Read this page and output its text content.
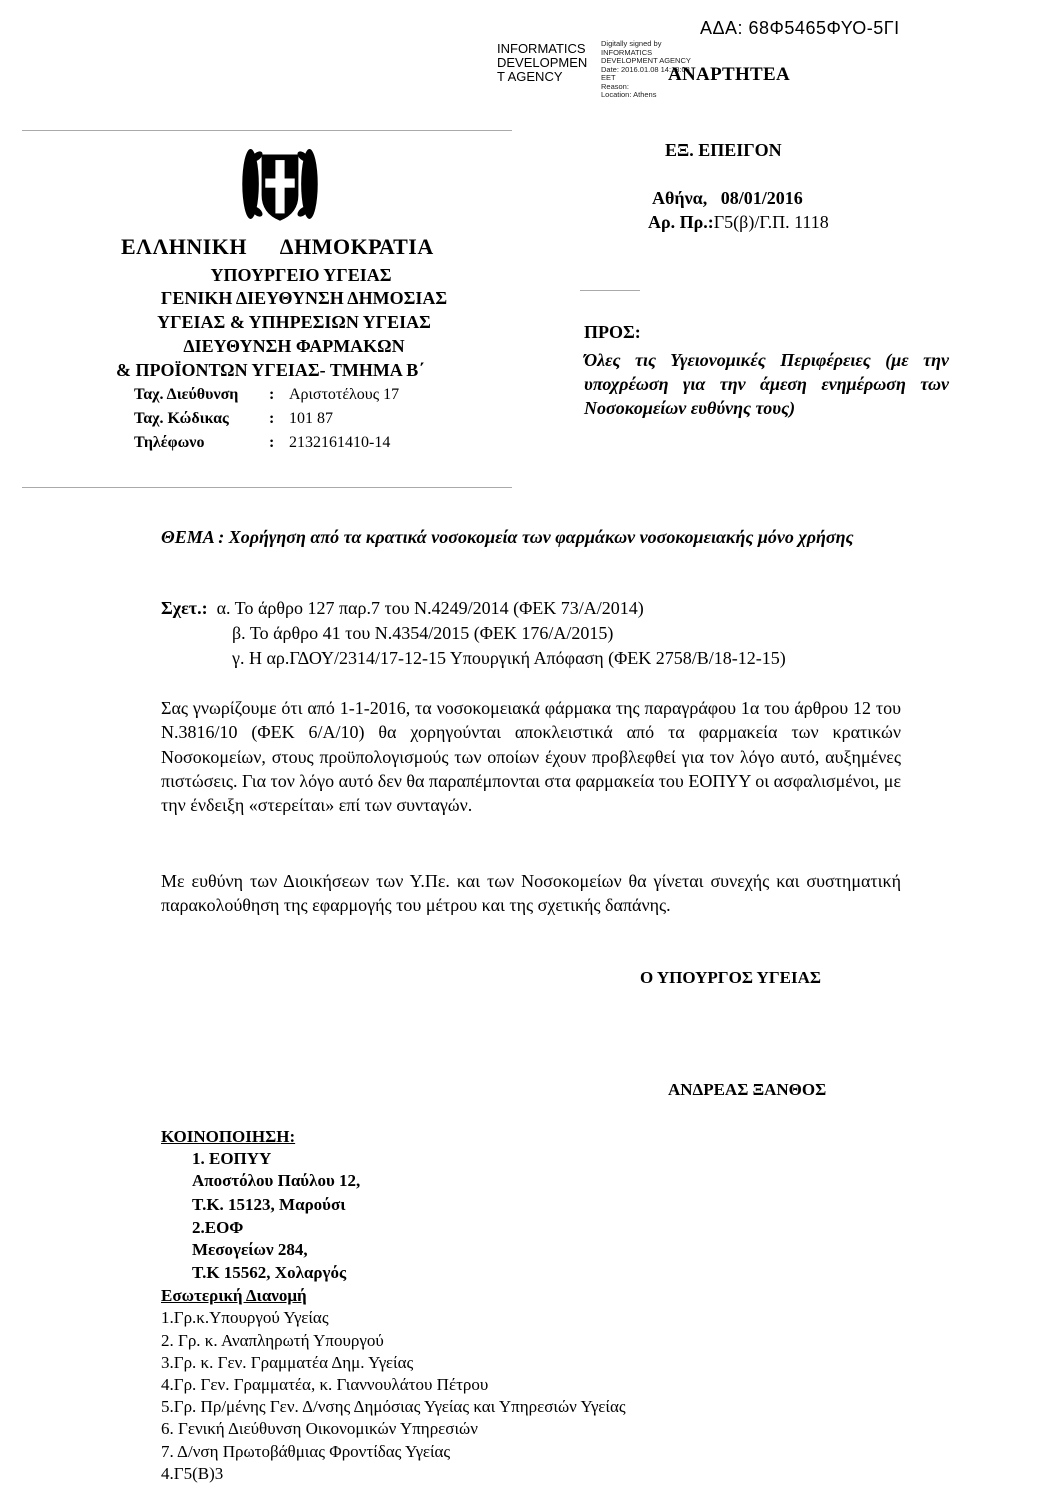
ΑΔΑ: 68Φ5465ΦΥΟ-5ΓΙ
INFORMATICS
DEVELOPMEN
T AGENCY
Digitally signed by
INFORMATICS
DEVELOPMENT AGENCY
Date: 2016.01.08 14:18:08
EET
Reason:
Location: Athens
ΑΝΑΡΤΗΤΕΑ
ΕΛΛΗΝΙΚΗ ΔΗΜΟΚΡΑΤΙΑ
ΥΠΟΥΡΓΕΙΟ ΥΓΕΙΑΣ
ΓΕΝΙΚΗ ΔΙΕΥΘΥΝΣΗ ΔΗΜΟΣΙΑΣ
ΥΓΕΙΑΣ & ΥΠΗΡΕΣΙΩΝ ΥΓΕΙΑΣ
ΔΙΕΥΘΥΝΣΗ ΦΑΡΜΑΚΩΝ
& ΠΡΟΪΟΝΤΩΝ ΥΓΕΙΑΣ- ΤΜΗΜΑ Β΄
Ταχ. Διεύθυνση : Αριστοτέλους 17
Ταχ. Κώδικας	: 101 87
Τηλέφωνο	: 2132161410-14
ΕΞ. ΕΠΕΙΓΟΝ
Αθήνα, 08/01/2016
Αρ. Πρ.:Γ5(β)/Γ.Π. 1118
ΠΡΟΣ:
Όλες τις Υγειονομικές Περιφέρειες (με την υποχρέωση για την άμεση ενημέρωση των Νοσοκομείων ευθύνης τους)
ΘΕΜΑ : Χορήγηση από τα κρατικά νοσοκομεία των φαρμάκων νοσοκομειακής μόνο χρήσης
Σχετ.: α. Το άρθρο 127 παρ.7 του Ν.4249/2014 (ΦΕΚ 73/Α/2014)
β. Το άρθρο 41 του Ν.4354/2015 (ΦΕΚ 176/Α/2015)
γ. Η αρ.ΓΔΟΥ/2314/17-12-15 Υπουργική Απόφαση (ΦΕΚ 2758/Β/18-12-15)
Σας γνωρίζουμε ότι από 1-1-2016, τα νοσοκομειακά φάρμακα της παραγράφου 1α του άρθρου 12 του Ν.3816/10 (ΦΕΚ 6/Α/10) θα χορηγούνται αποκλειστικά από τα φαρμακεία των κρατικών Νοσοκομείων, στους προϋπολογισμούς των οποίων έχουν προβλεφθεί για τον λόγο αυτό, αυξημένες πιστώσεις. Για τον λόγο αυτό δεν θα παραπέμπονται στα φαρμακεία του ΕΟΠΥΥ οι ασφαλισμένοι, με την ένδειξη «στερείται» επί των συνταγών.
Με ευθύνη των Διοικήσεων των Υ.Πε. και των Νοσοκομείων θα γίνεται συνεχής και συστηματική παρακολούθηση της εφαρμογής του μέτρου και της σχετικής δαπάνης.
Ο ΥΠΟΥΡΓΟΣ ΥΓΕΙΑΣ
ΑΝΔΡΕΑΣ ΞΑΝΘΟΣ
ΚΟΙΝΟΠΟΙΗΣΗ:
1. ΕΟΠΥΥ
Αποστόλου Παύλου 12,
Τ.Κ. 15123, Μαρούσι
2.ΕΟΦ
Μεσογείων 284,
Τ.Κ 15562, Χολαργός
Εσωτερική Διανομή
1.Γρ.κ.Υπουργού Υγείας
2. Γρ. κ. Αναπληρωτή Υπουργού
3.Γρ. κ. Γεν. Γραμματέα Δημ. Υγείας
4.Γρ. Γεν. Γραμματέα, κ. Γιαννουλάτου Πέτρου
5.Γρ. Πρ/μένης Γεν. Δ/νσης Δημόσιας Υγείας και Υπηρεσιών Υγείας
6. Γενική Διεύθυνση Οικονομικών Υπηρεσιών
7. Δ/νση Πρωτοβάθμιας Φροντίδας Υγείας
4.Γ5(Β)3
